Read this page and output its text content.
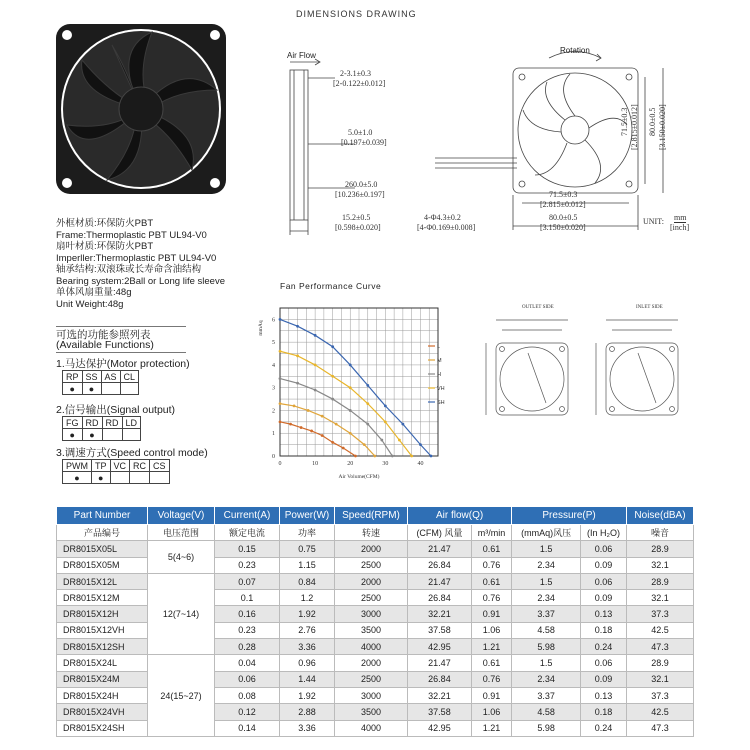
DIMENSIONS DRAWING
外框材质:环保防火PBT
Frame:Thermoplastic PBT UL94-V0
扇叶材质:环保防火PBT
Imperller:Thermoplastic PBT UL94-V0
轴承结构:双滚珠或长寿命含油结构
Bearing system:2Ball or Long life sleeve
单体风扇重量:48g
Unit Weight:48g
可选的功能参照列表
(Available Functions)
1.马达保护(Motor protection)
RP	SS	AS	CL
●	●		
2.信号输出(Signal output)
FG	RD	RD	LD
●	●		
3.调速方式(Speed control mode)
PWM	TP	VC	RC	CS
●	●			
Air Flow
Rotation
2-3.1±0.3
[2-0.122±0.012]
5.0±1.0
[0.197±0.039]
260.0±5.0
[10.236±0.197]
15.2±0.5
[0.598±0.020]
4-Φ4.3±0.2
[4-Φ0.169±0.008]
71.5±0.3
[2.815±0.012]
80.0±0.5
[3.150±0.020]
71.5±0.3 [2.815±0.012] 80.0±0.5 [3.150±0.020]
UNIT: mm
[inch]
Fan Performance Curve
0	10	20	30	40
0
1
2
3
4
5
6
Air Volume(CFM)
mmAq
L
M
H
VH
SH
OUTLET SIDE	INLET SIDE
Part Number	Voltage(V)	Current(A)	Power(W)	Speed(RPM)	Air flow(Q)		Pressure(P)		Noise(dBA)
产品编号	电压范围	额定电流	功率	转速	(CFM) 风量	m³/min	(mmAq)风压	(In H₂O)	噪音
DR8015X05L	5(4~6)	0.15	0.75	2000	21.47	0.61	1.5	0.06	28.9
DR8015X05M		0.23	1.15	2500	26.84	0.76	2.34	0.09	32.1
DR8015X12L	12(7~14)	0.07	0.84	2000	21.47	0.61	1.5	0.06	28.9
DR8015X12M		0.1	1.2	2500	26.84	0.76	2.34	0.09	32.1
DR8015X12H		0.16	1.92	3000	32.21	0.91	3.37	0.13	37.3
DR8015X12VH		0.23	2.76	3500	37.58	1.06	4.58	0.18	42.5
DR8015X12SH		0.28	3.36	4000	42.95	1.21	5.98	0.24	47.3
DR8015X24L	24(15~27)	0.04	0.96	2000	21.47	0.61	1.5	0.06	28.9
DR8015X24M		0.06	1.44	2500	26.84	0.76	2.34	0.09	32.1
DR8015X24H		0.08	1.92	3000	32.21	0.91	3.37	0.13	37.3
DR8015X24VH		0.12	2.88	3500	37.58	1.06	4.58	0.18	42.5
DR8015X24SH		0.14	3.36	4000	42.95	1.21	5.98	0.24	47.3
